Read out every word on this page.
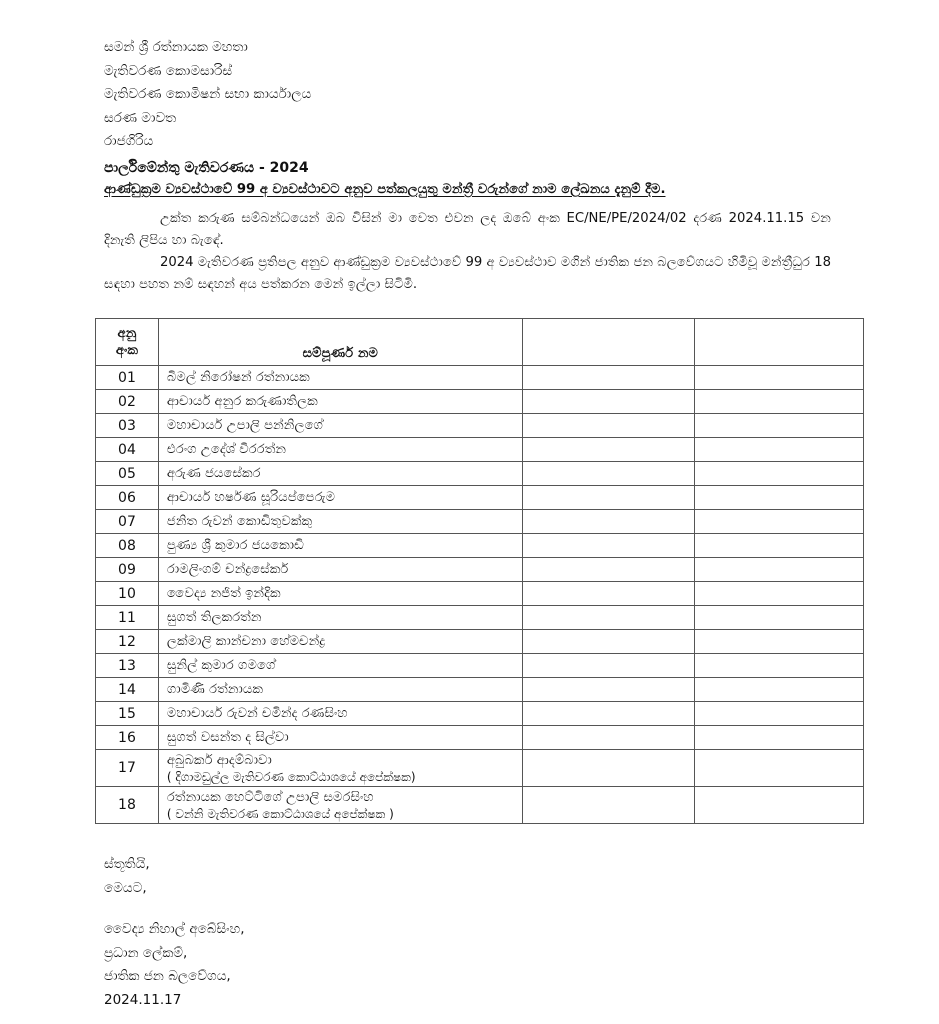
සමන් ශ්‍රී රත්නායක මහතා
මැතිවරණ කොමසාරිස්
මැතිවරණ කොමිෂන් සභා කාර්යාලය
සරණ මාවත
රාජගිරිය
පාර්ලිමේන්තු මැතිවරණය - 2024
ආණ්ඩුක්‍රම ව්‍යවස්ථාවේ 99 අ ව්‍යවස්ථාවට අනුව පත්කලයුතු මන්ත්‍රී වරුන්ගේ නාම ලේඛනය දැනුම් දීම.
උක්ත කරුණ සම්බන්ධයෙන් ඔබ විසින් මා වෙත එවන ලද ඔබේ අංක EC/NE/PE/2024/02 දරණ 2024.11.15 වන දිනැති ලිපිය හා බැඳේ.
2024 මැතිවරණ ප්‍රතිපල අනුව ආණ්ඩුක්‍රම ව්‍යවස්ථාවේ 99 අ ව්‍යවස්ථාව මගින් ජාතික ජන බලවේගයට හිමිවූ මන්ත්‍රීධුර 18 සඳහා පහත නම් සඳහන් අය පත්කරන මෙන් ඉල්ලා සිටිමි.
අනු
අංක	සම්පූර්ණ නම		
01	බිමල් නිරෝෂන් රත්නායක		

02	ආචාර්ය අනුර කරුණාතිලක		

03	මහාචාර්ය උපාලි පන්නිලගේ		

04	එරංග උදේශ් වීරරත්න		

05	අරුණ ජයසේකර		

06	ආචාර්ය හර්ෂණ සූරියප්පෙරුම		

07	ජනිත රුවන් කොඩිතුවක්කු		

08	පුණ්‍ය ශ්‍රී කුමාර ජයකොඩි		

09	රාමලිංගම් චන්ද්‍රසේකර්		

10	වෛද්‍ය නජිත් ඉන්දික		

11	සුගත් තිලකරත්න		

12	ලක්මාලි කාන්චනා හේමචන්ද්‍ර		

13	සුනිල් කුමාර ගමගේ		

14	ගාමිණි රත්නායක		

15	මහාචාර්ය රුවන් චමින්ද රණසිංහ		

16	සුගත් වසන්ත ද සිල්වා		

17	අබුබකර් ආදම්බාවා
( දිගාමඩුල්ල මැතිවරණ කොට්ඨාශයේ අපේක්ෂක)		

18	රත්නායක හෙට්ටිගේ උපාලි සමරසිංහ
( වන්නි මැතිවරණ කොට්ඨාශයේ අපේක්ෂක )		

ස්තූතියි,
මෙයට,
වෛද්‍ය නිහාල් අබේසිංහ,
ප්‍රධාන ලේකම්,
ජාතික ජන බලවේගය,
2024.11.17
